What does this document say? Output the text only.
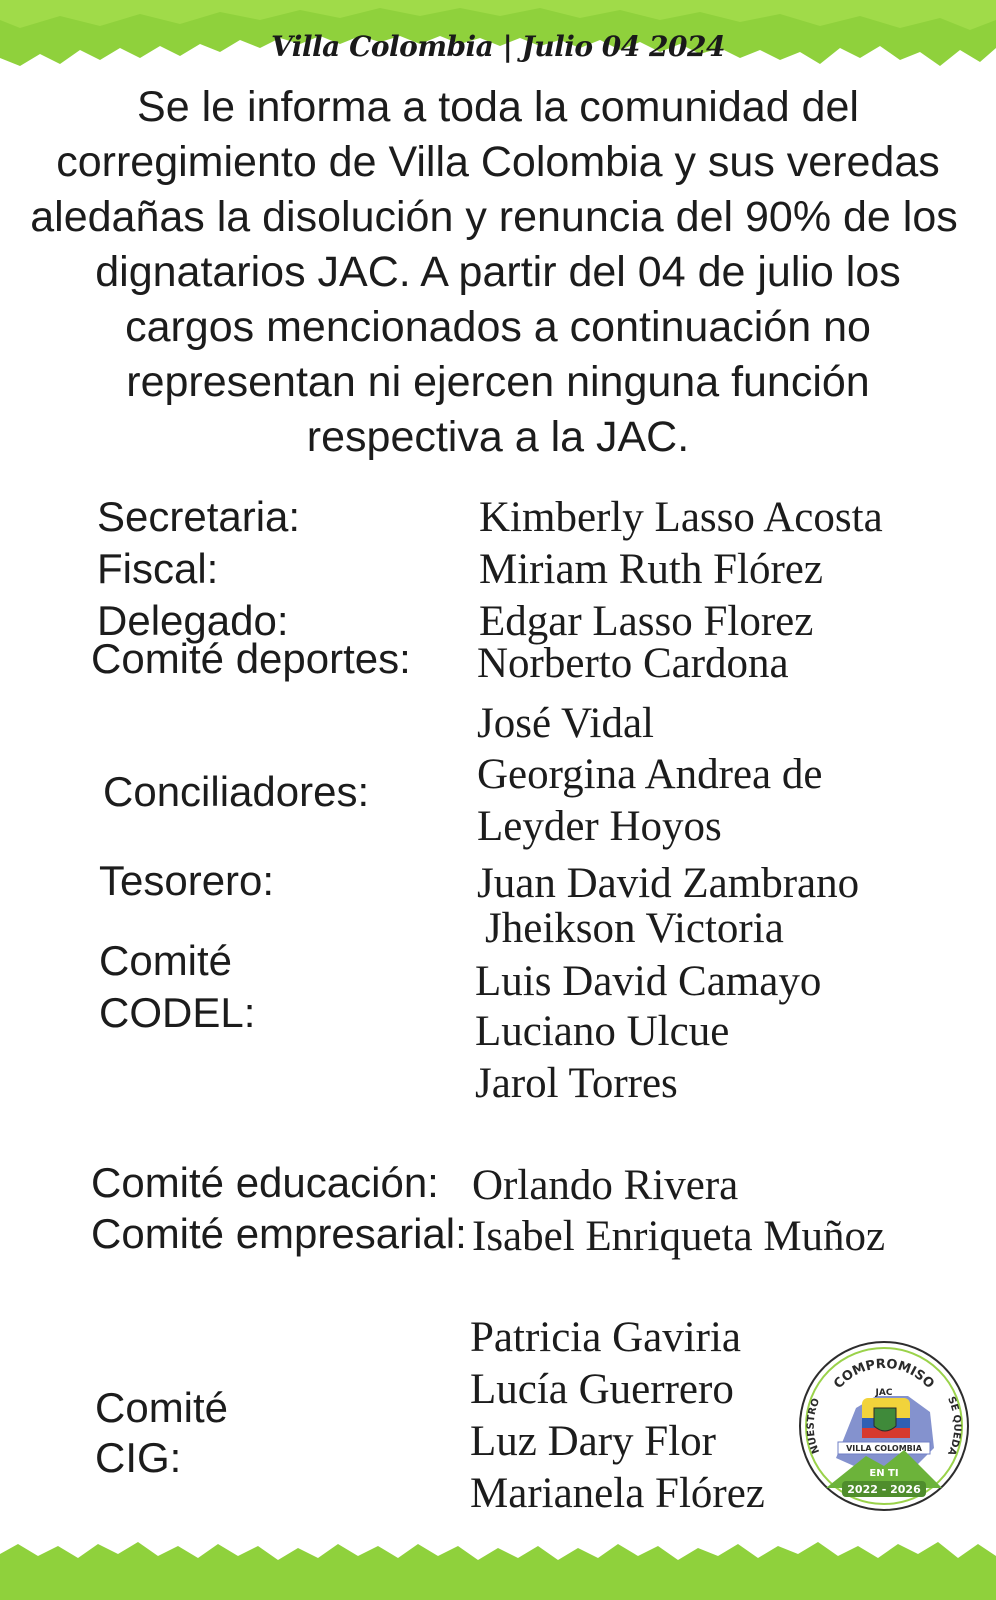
Villa Colombia | Julio 04 2024
Se le informa a toda la comunidad del
corregimiento de Villa Colombia y sus veredas
aledañas la disolución y renuncia del 90% de los
dignatarios JAC. A partir del 04 de julio los
cargos mencionados a continuación no
representan ni ejercen ninguna función
respectiva a la JAC.
Secretaria:
Fiscal:
Delegado:
Comité deportes:
Conciliadores:
Tesorero:
Comité
CODEL:
Comité educación:
Comité empresarial:
Comité
CIG:
Kimberly Lasso Acosta
Miriam Ruth Flórez
Edgar Lasso Florez
Norberto Cardona
José Vidal
Georgina Andrea de
Leyder Hoyos
Juan David Zambrano
Jheikson Victoria
Luis David Camayo
Luciano Ulcue
Jarol Torres
Orlando Rivera
Isabel Enriqueta Muñoz
Patricia Gaviria
Lucía Guerrero
Luz Dary Flor
Marianela Flórez
COMPROMISO
NUESTRO	SE QUEDA
JAC
VILLA COLOMBIA
EN TI
2022 - 2026
